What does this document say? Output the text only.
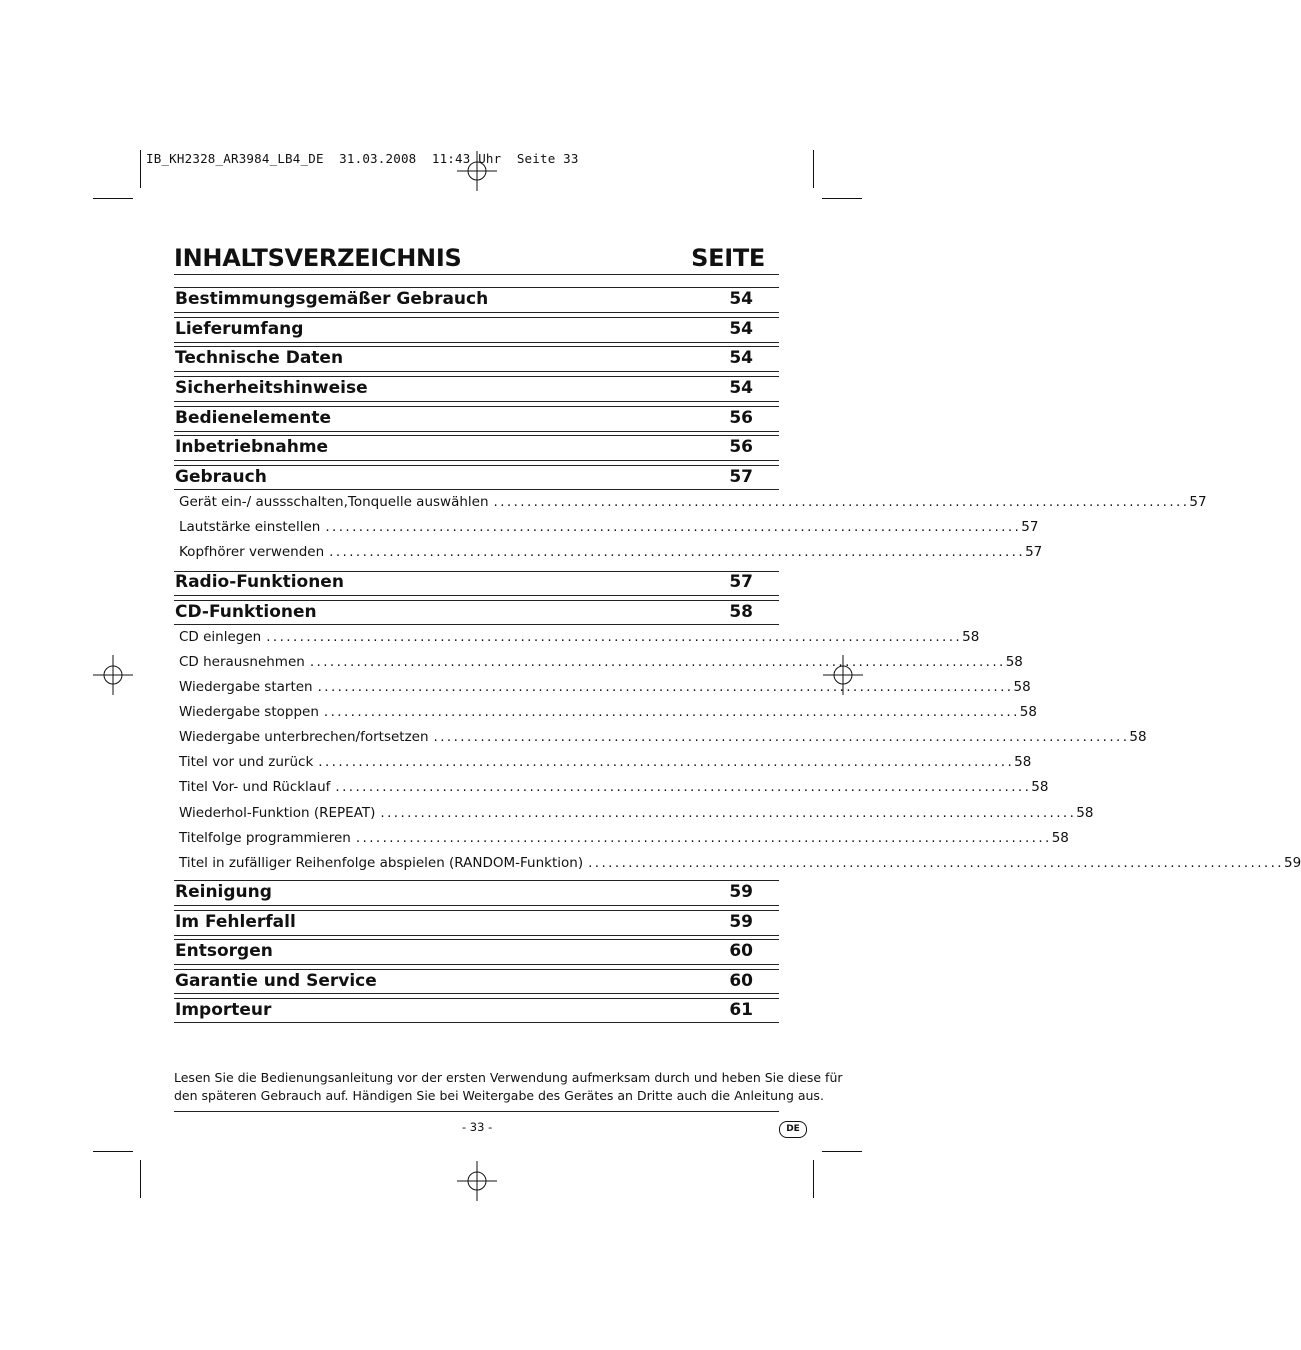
IB_KH2328_AR3984_LB4_DE  31.03.2008  11:43 Uhr  Seite 33
INHALTSVERZEICHNIS	SEITE
Bestimmungsgemäßer Gebrauch	54
Lieferumfang	54
Technische Daten	54
Sicherheitshinweise	54
Bedienelemente	56
Inbetriebnahme	56
Gebrauch	57
Gerät ein-/ aussschalten,Tonquelle auswählen ........................................................................................................ 57
Lautstärke einstellen ........................................................................................................ 57
Kopfhörer verwenden ........................................................................................................ 57
Radio-Funktionen	57
CD-Funktionen	58
CD einlegen ........................................................................................................ 58
CD herausnehmen ........................................................................................................ 58
Wiedergabe starten ........................................................................................................ 58
Wiedergabe stoppen ........................................................................................................ 58
Wiedergabe unterbrechen/fortsetzen ........................................................................................................ 58
Titel vor und zurück ........................................................................................................ 58
Titel Vor- und Rücklauf ........................................................................................................ 58
Wiederhol-Funktion (REPEAT) ........................................................................................................ 58
Titelfolge programmieren ........................................................................................................ 58
Titel in zufälliger Reihenfolge abspielen (RANDOM-Funktion) ........................................................................................................ 59
Reinigung	59
Im Fehlerfall	59
Entsorgen	60
Garantie und Service	60
Importeur	61
Lesen Sie die Bedienungsanleitung vor der ersten Verwendung aufmerksam durch und heben Sie diese für
den späteren Gebrauch auf. Händigen Sie bei Weitergabe des Gerätes an Dritte auch die Anleitung aus.
- 33 -	DE
